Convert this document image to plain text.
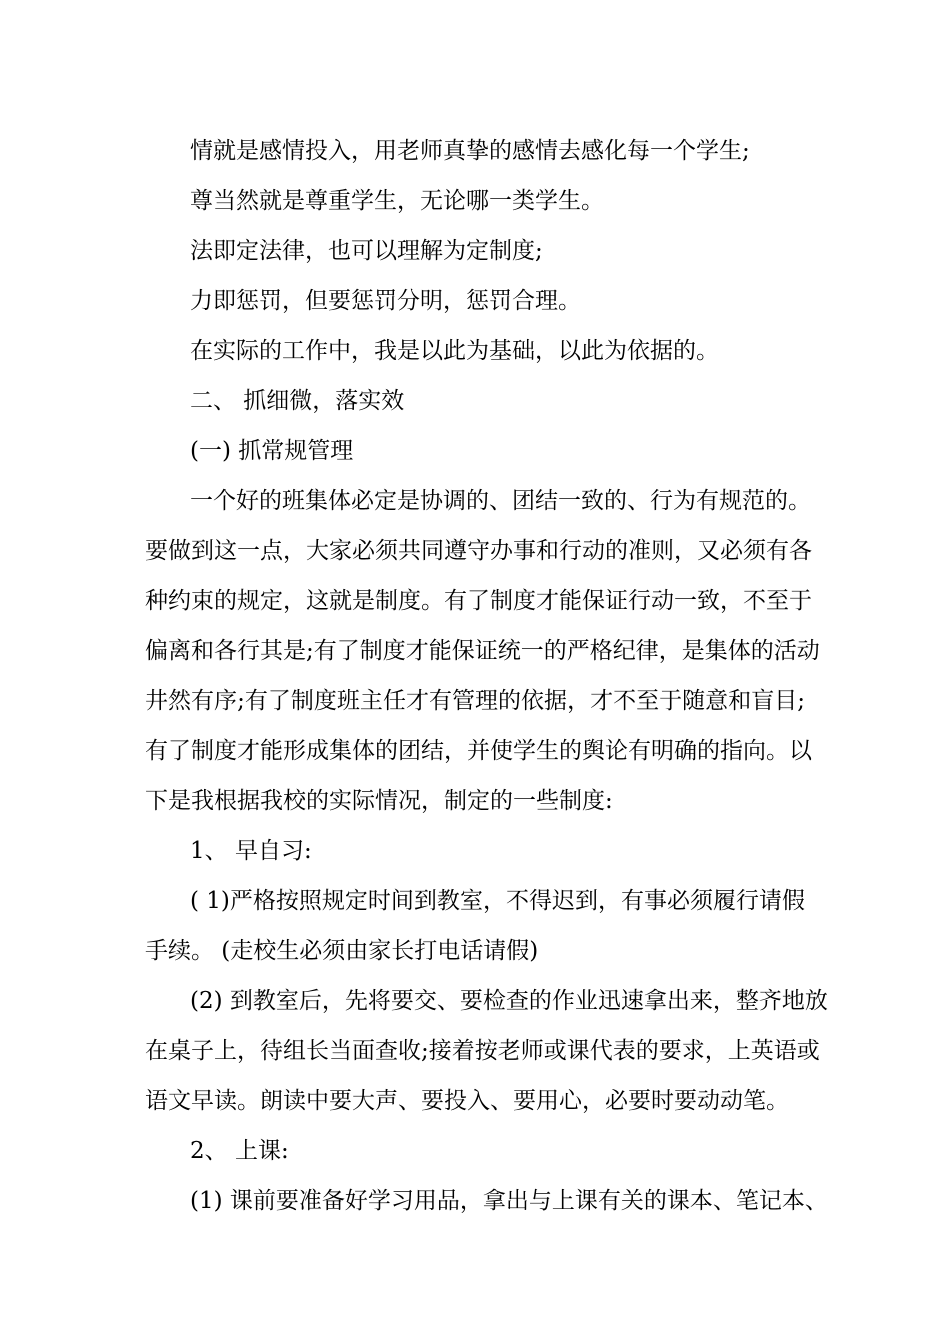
情就是感情投入，用老师真挚的感情去感化每一个学生;
尊当然就是尊重学生，无论哪一类学生。
法即定法律，也可以理解为定制度;
力即惩罚，但要惩罚分明，惩罚合理。
在实际的工作中，我是以此为基础，以此为依据的。
二、 抓细微，落实效
(一) 抓常规管理
一个好的班集体必定是协调的、团结一致的、行为有规范的。
要做到这一点，大家必须共同遵守办事和行动的准则，又必须有各
种约束的规定，这就是制度。有了制度才能保证行动一致，不至于
偏离和各行其是;有了制度才能保证统一的严格纪律，是集体的活动
井然有序;有了制度班主任才有管理的依据，才不至于随意和盲目;
有了制度才能形成集体的团结，并使学生的舆论有明确的指向。以
下是我根据我校的实际情况，制定的一些制度:
1、 早自习:
( 1)严格按照规定时间到教室，不得迟到，有事必须履行请假
手续。 (走校生必须由家长打电话请假)
(2) 到教室后，先将要交、要检查的作业迅速拿出来，整齐地放
在桌子上，待组长当面查收;接着按老师或课代表的要求，上英语或
语文早读。朗读中要大声、要投入、要用心，必要时要动动笔。
2、 上课:
(1) 课前要准备好学习用品，拿出与上课有关的课本、笔记本、
